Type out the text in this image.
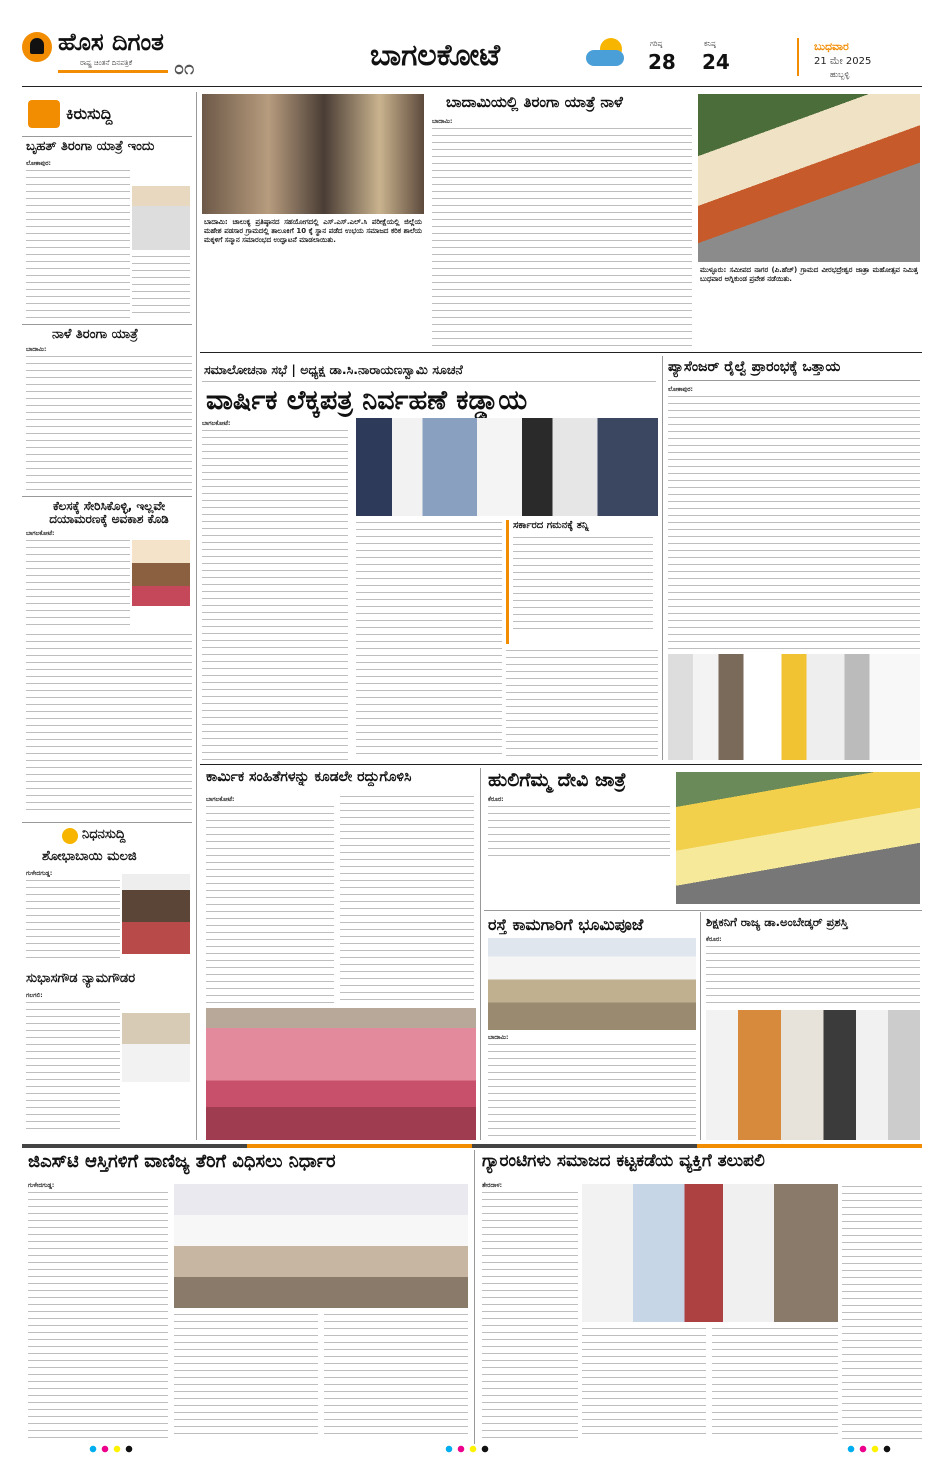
ಹೊಸ ದಿಗಂತ
ರಾಷ್ಟ್ರ ಚಿಂತನೆ ದಿನಪತ್ರಿಕೆ ೦೧	ಬಾಗಲಕೋಟೆ	ಗರಿಷ್ಠ
28
ಕನಿಷ್ಠ
24
ಬುಧವಾರ
21 ಮೇ 2025
ಹುಬ್ಬಳ್ಳಿ
ಕಿರುಸುದ್ದಿ
ಬೃಹತ್ ತಿರಂಗಾ ಯಾತ್ರೆ ಇಂದು
ಲೋಕಾಪುರ:
ನಾಳೆ ತಿರಂಗಾ ಯಾತ್ರೆ
ಬಾದಾಮಿ:
ಕೆಲಸಕ್ಕೆ ಸೇರಿಸಿಕೊಳ್ಳಿ, ಇಲ್ಲವೇ ದಯಾಮರಣಕ್ಕೆ ಅವಕಾಶ ಕೊಡಿ
ಬಾಗಲಕೋಟೆ:
ನಿಧನಸುದ್ದಿ
ಶೋಭಾಬಾಯಿ ಮಲಜಿ
ಗುಳೇದಗುಡ್ಡ:
ಸುಭಾಸಗೌಡ ನ್ಯಾಮಗೌಡರ
ಗಲಗಲಿ:
ಬಾದಾಮಿ: ಚಾಲುಕ್ಯ ಪ್ರತಿಷ್ಠಾನದ ಸಹಯೋಗದಲ್ಲಿ ಎಸ್.ಎಸ್.ಎಲ್.ಸಿ ಪರೀಕ್ಷೆಯಲ್ಲಿ ಜಿಲ್ಲೆಯ ಮಹೇಶ ಪಡಸಾರ ಗ್ರಾಮದಲ್ಲಿ ತಾಲೂಕಿಗೆ 10 ಕ್ಕೆ ಸ್ಥಾನ ಪಡೆದ ಉಭಯ ಸಮಾಜದ ಕರಿಕ ಶಾಲೆಯ ಮಕ್ಕಳಿಗೆ ಸನ್ಮಾನ ಸಮಾರಂಭದ ಉದ್ಘಾಟನೆ ಮಾಡಲಾಯಿತು.
ಬಾದಾಮಿಯಲ್ಲಿ ತಿರಂಗಾ ಯಾತ್ರೆ ನಾಳೆ
ಬಾದಾಮಿ:
ಮುಳ್ಳೂರು: ಸಮೀಪದ ನಾಗರ (ಪಿ.ಹೆಚ್) ಗ್ರಾಮದ ವೀರಭದ್ರೇಶ್ವರ ಜಾತ್ರಾ ಮಹೋತ್ಸವ ನಿಮಿತ್ತ ಬುಧವಾರ ಅಗ್ನಿಕುಂಡ ಪ್ರವೇಶ ನಡೆಯಿತು.
ಸಮಾಲೋಚನಾ ಸಭೆ | ಅಧ್ಯಕ್ಷ ಡಾ.ಸಿ.ನಾರಾಯಣಸ್ವಾಮಿ ಸೂಚನೆ
ವಾರ್ಷಿಕ ಲೆಕ್ಕಪತ್ರ ನಿರ್ವಹಣೆ ಕಡ್ಡಾಯ
ಬಾಗಲಕೋಟೆ:
ಸರ್ಕಾರದ ಗಮನಕ್ಕೆ ತನ್ನಿ
ಪ್ಯಾಸೆಂಜರ್ ರೈಲ್ವೆ ಪ್ರಾರಂಭಕ್ಕೆ ಒತ್ತಾಯ
ಲೋಕಾಪುರ:
ಕಾರ್ಮಿಕ ಸಂಹಿತೆಗಳನ್ನು ಕೂಡಲೇ ರದ್ದುಗೊಳಿಸಿ
ಬಾಗಲಕೋಟೆ:
ಹುಲಿಗೆಮ್ಮ ದೇವಿ ಜಾತ್ರೆ
ಕೆರೂರ:
ರಸ್ತೆ ಕಾಮಗಾರಿಗೆ ಭೂಮಿಪೂಜೆ
ಬಾದಾಮಿ:
ಶಿಕ್ಷಕನಿಗೆ ರಾಜ್ಯ ಡಾ.ಅಂಬೇಡ್ಕರ್ ಪ್ರಶಸ್ತಿ
ಕೆರೂರ:
ಜಿಎಸ್‌ಟಿ ಆಸ್ತಿಗಳಿಗೆ ವಾಣಿಜ್ಯ ತೆರಿಗೆ ವಿಧಿಸಲು ನಿರ್ಧಾರ
ಗುಳೇದಗುಡ್ಡ:
ಗ್ಯಾರಂಟಿಗಳು ಸಮಾಜದ ಕಟ್ಟಕಡೆಯ ವ್ಯಕ್ತಿಗೆ ತಲುಪಲಿ
ತೇರದಾಳ:
